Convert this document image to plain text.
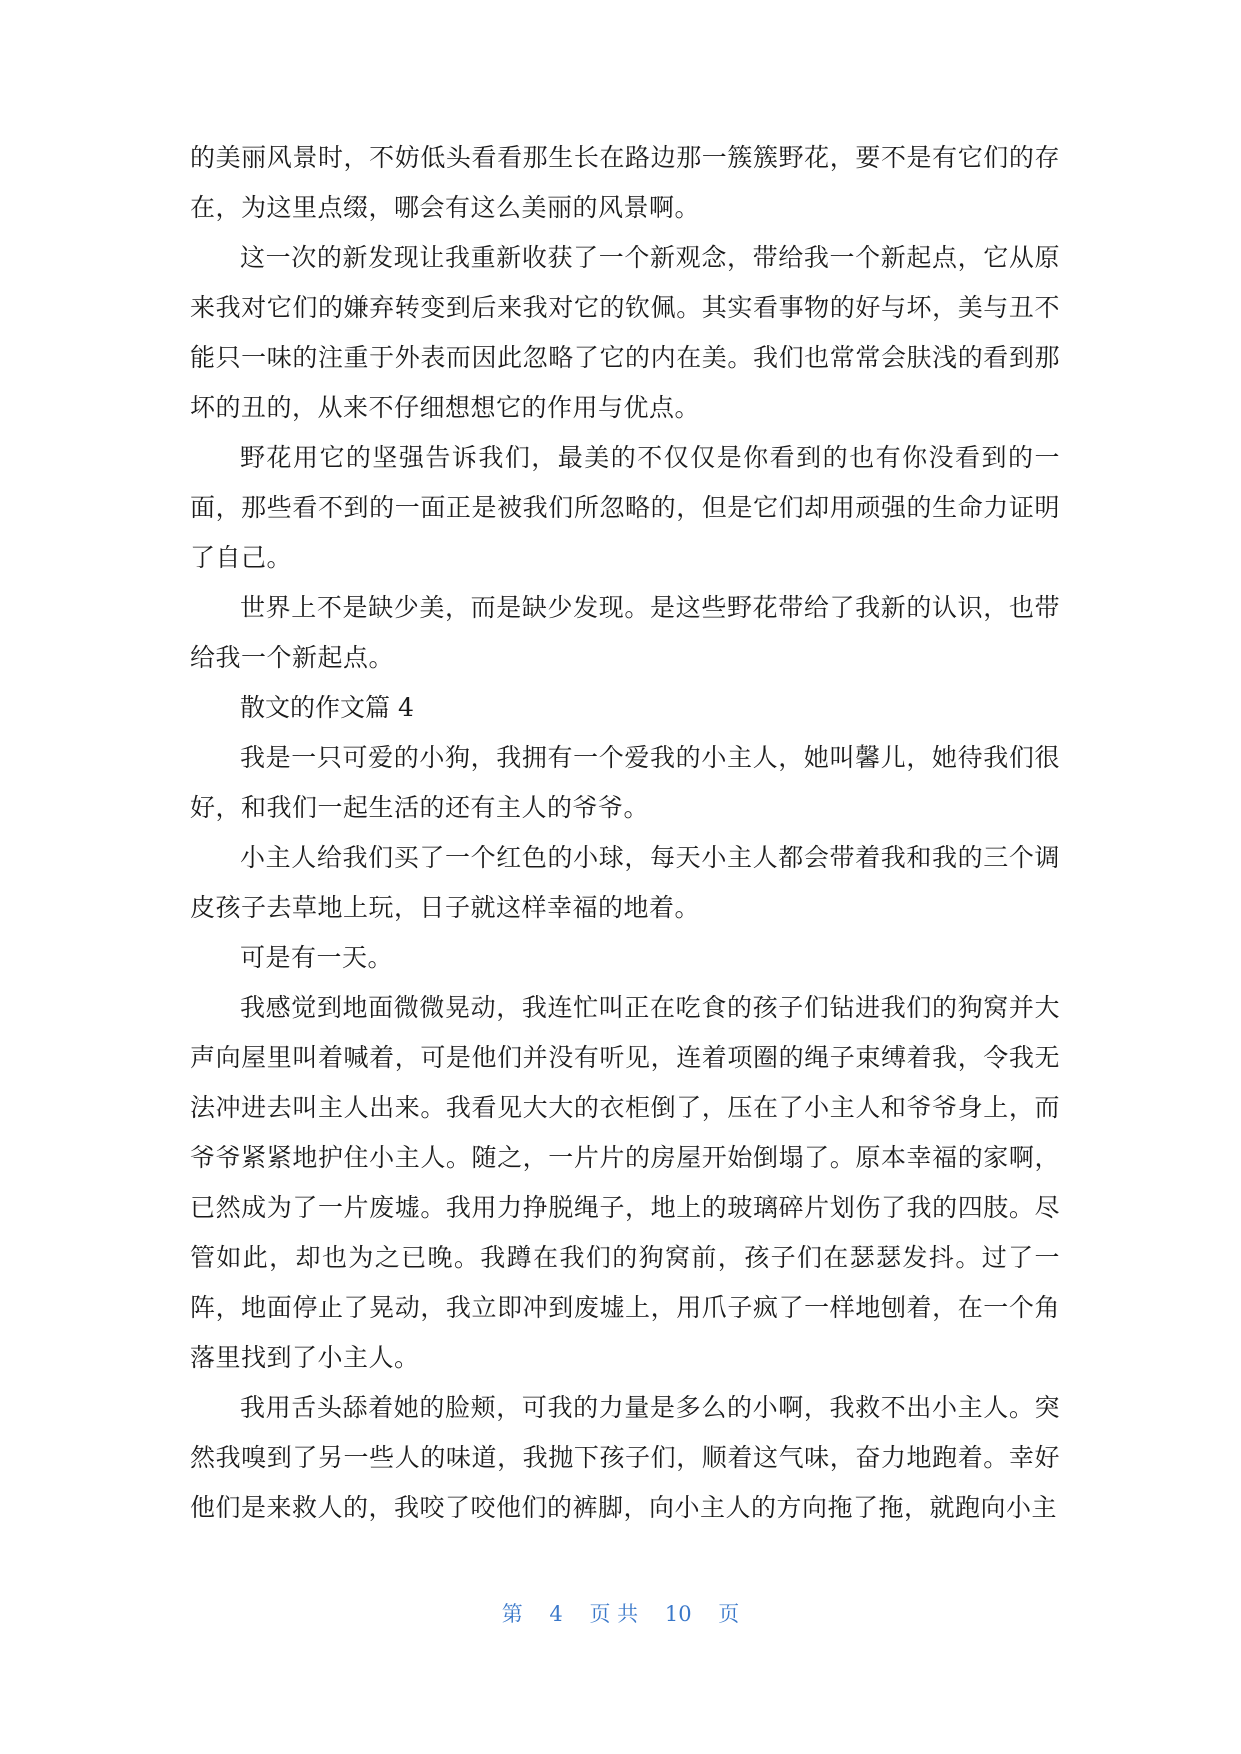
的美丽风景时，不妨低头看看那生长在路边那一簇簇野花，要不是有它们的存在，为这里点缀，哪会有这么美丽的风景啊。

这一次的新发现让我重新收获了一个新观念，带给我一个新起点，它从原来我对它们的嫌弃转变到后来我对它的钦佩。其实看事物的好与坏，美与丑不能只一味的注重于外表而因此忽略了它的内在美。我们也常常会肤浅的看到那坏的丑的，从来不仔细想想它的作用与优点。

野花用它的坚强告诉我们，最美的不仅仅是你看到的也有你没看到的一面，那些看不到的一面正是被我们所忽略的，但是它们却用顽强的生命力证明了自己。

世界上不是缺少美，而是缺少发现。是这些野花带给了我新的认识，也带给我一个新起点。

散文的作文篇 4

我是一只可爱的小狗，我拥有一个爱我的小主人，她叫馨儿，她待我们很好，和我们一起生活的还有主人的爷爷。

小主人给我们买了一个红色的小球，每天小主人都会带着我和我的三个调皮孩子去草地上玩，日子就这样幸福的地着。

可是有一天。

我感觉到地面微微晃动，我连忙叫正在吃食的孩子们钻进我们的狗窝并大声向屋里叫着喊着，可是他们并没有听见，连着项圈的绳子束缚着我，令我无法冲进去叫主人出来。我看见大大的衣柜倒了，压在了小主人和爷爷身上，而爷爷紧紧地护住小主人。随之，一片片的房屋开始倒塌了。原本幸福的家啊，已然成为了一片废墟。我用力挣脱绳子，地上的玻璃碎片划伤了我的四肢。尽管如此，却也为之已晚。我蹲在我们的狗窝前，孩子们在瑟瑟发抖。过了一阵，地面停止了晃动，我立即冲到废墟上，用爪子疯了一样地刨着，在一个角落里找到了小主人。

我用舌头舔着她的脸颊，可我的力量是多么的小啊，我救不出小主人。突然我嗅到了另一些人的味道，我抛下孩子们，顺着这气味，奋力地跑着。幸好他们是来救人的，我咬了咬他们的裤脚，向小主人的方向拖了拖，就跑向小主

第 4 页 共 10 页
